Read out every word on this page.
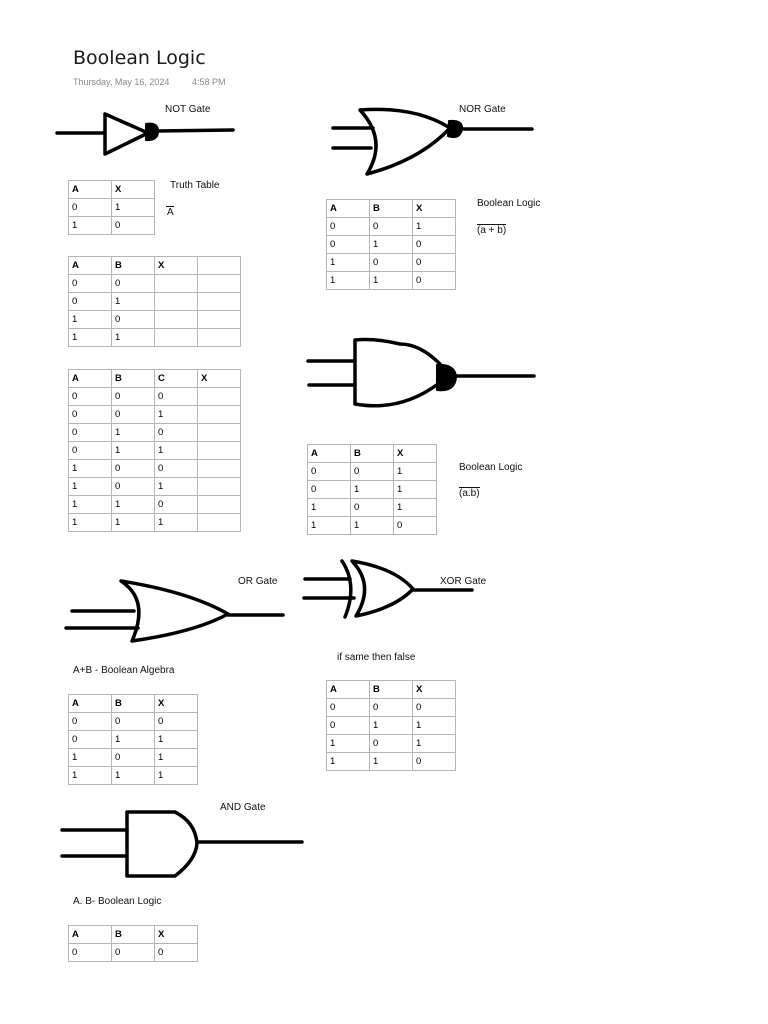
Boolean Logic
Thursday, May 16, 2024	4:58 PM
NOT Gate	NOR Gate
Truth Table
A
Boolean Logic
(a + b)
Boolean Logic
(a.b)
OR Gate	XOR Gate
A+B - Boolean Algebra
if same then false
AND Gate
A. B- Boolean Logic
A	X
0	1
1	0
A	B	X	
0	0		
0	1		
1	0		
1	1		
A	B	C	X
0	0	0	
0	0	1	
0	1	0	
0	1	1	
1	0	0	
1	0	1	
1	1	0	
1	1	1	
A	B	X
0	0	1
0	1	0
1	0	0
1	1	0
A	B	X
0	0	1
0	1	1
1	0	1
1	1	0
A	B	X
0	0	0
0	1	1
1	0	1
1	1	1
A	B	X
0	0	0
0	1	1
1	0	1
1	1	0
A	B	X
0	0	0
